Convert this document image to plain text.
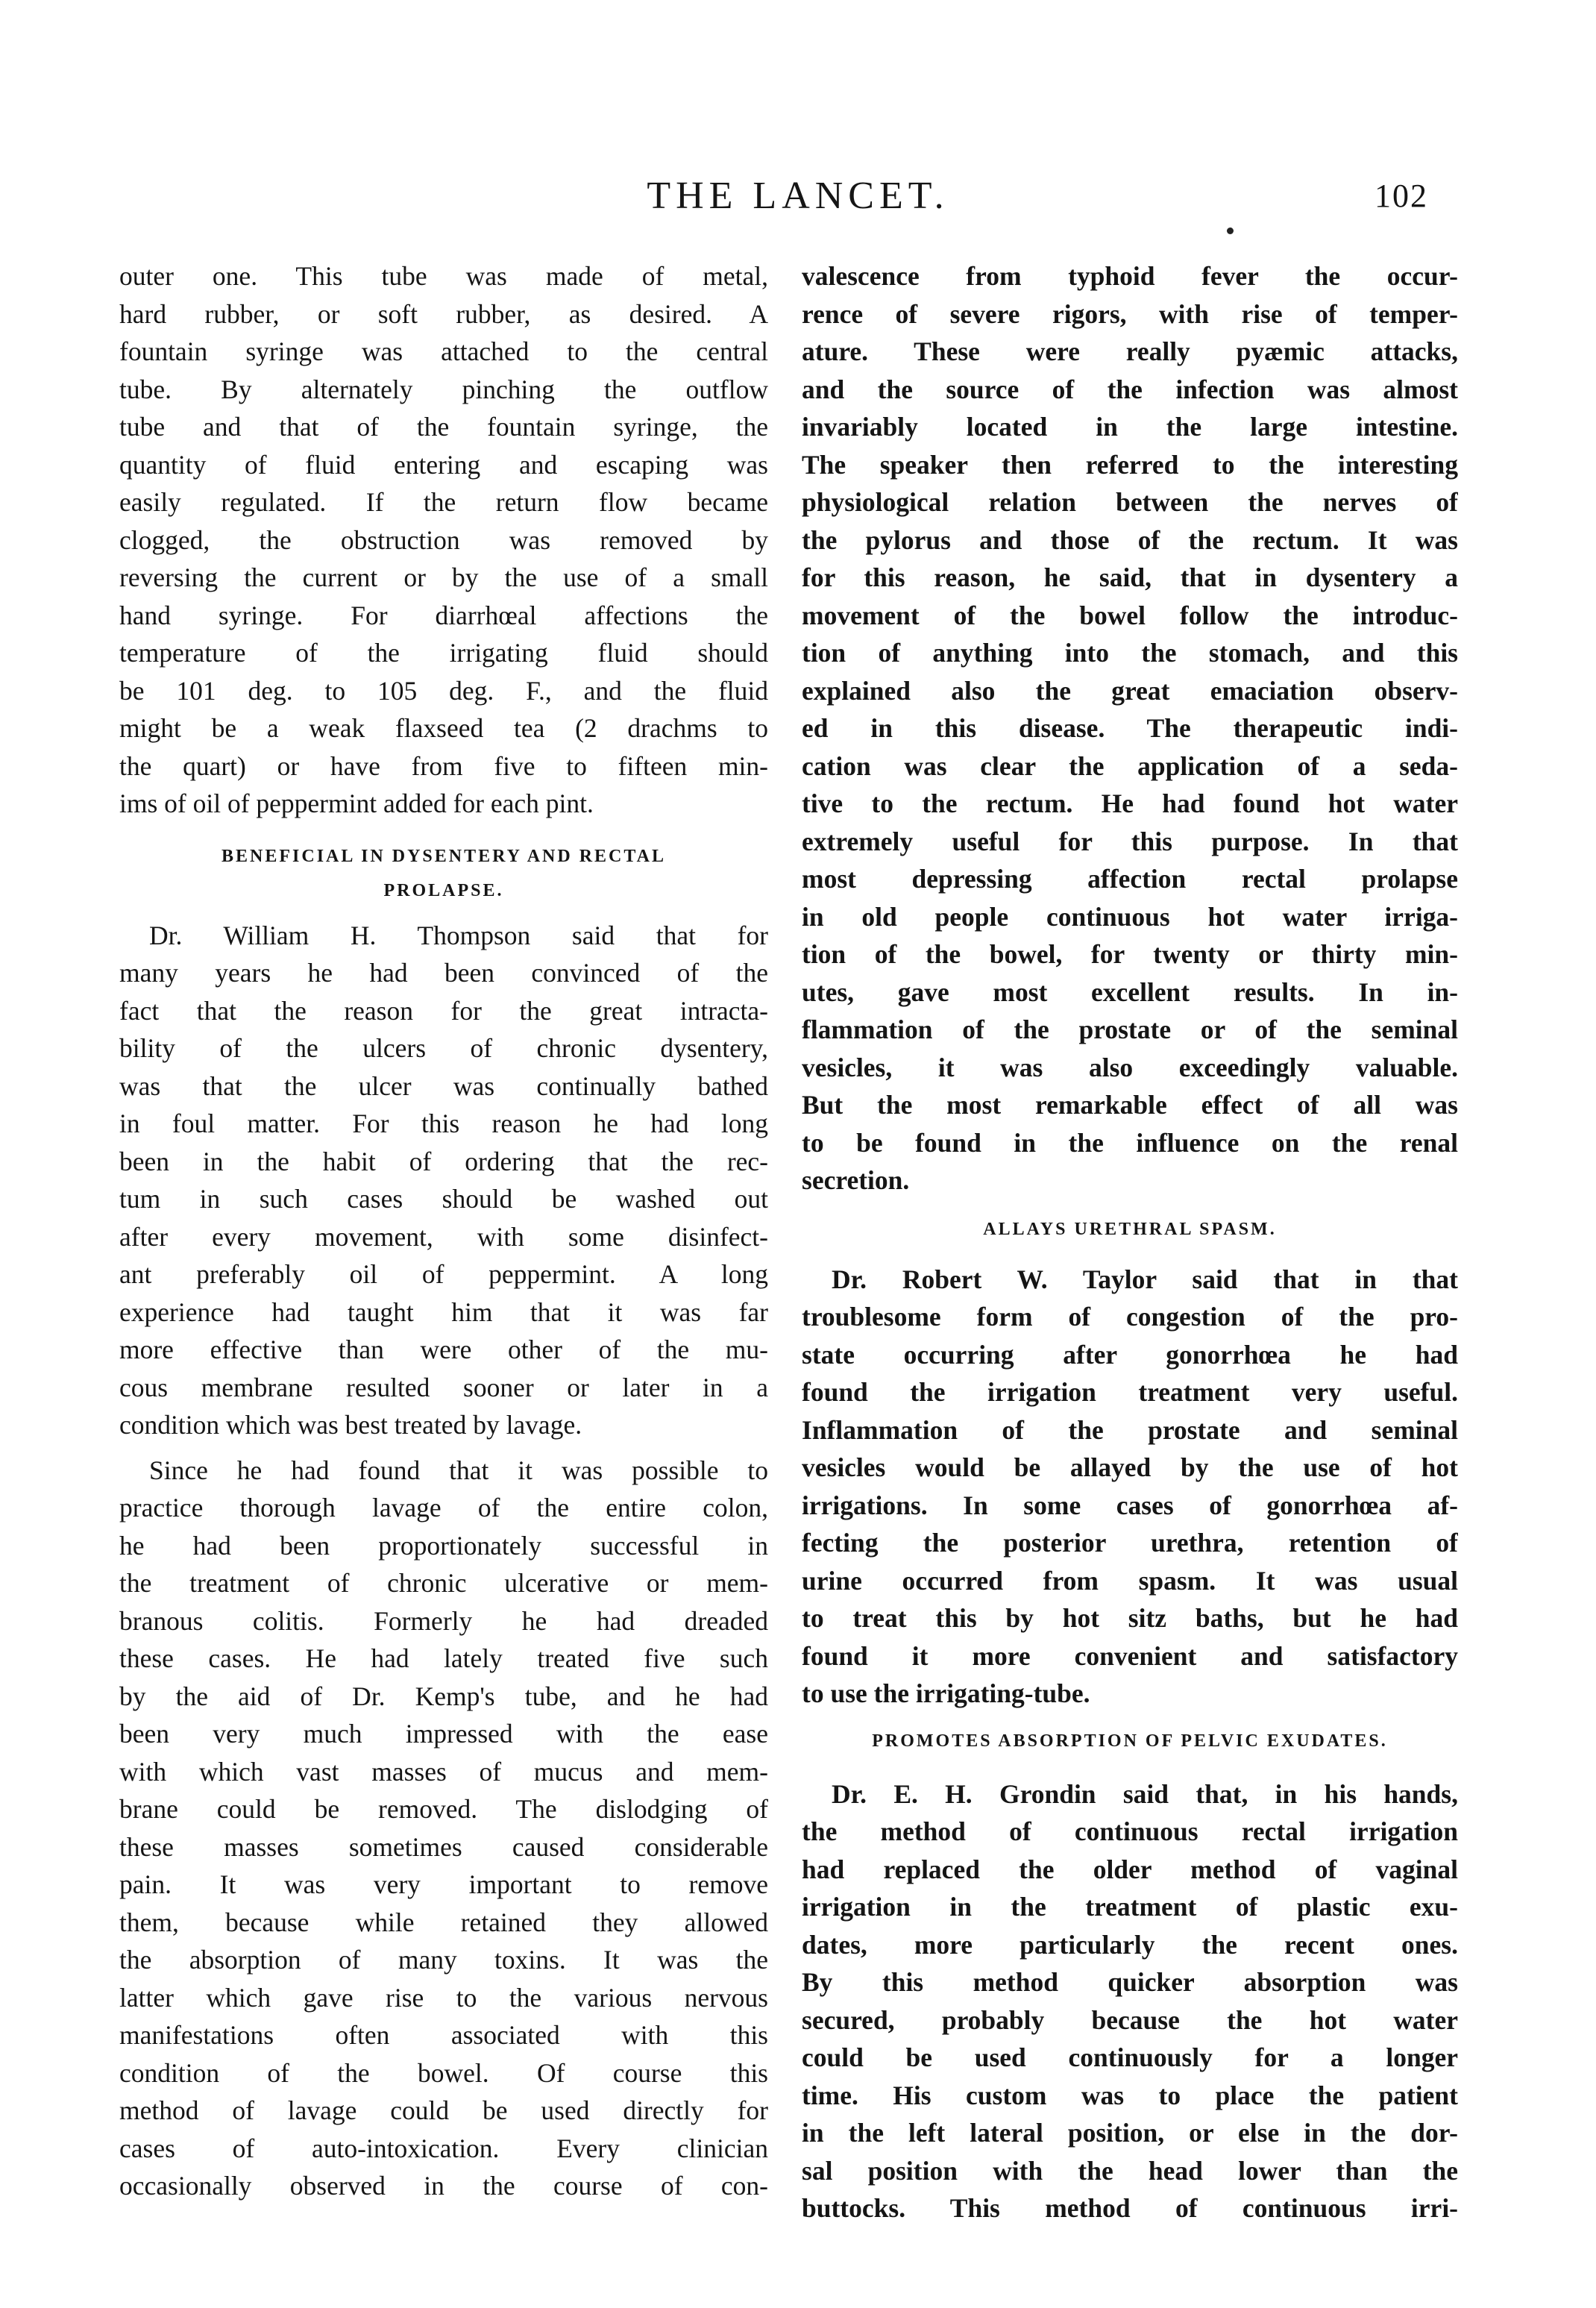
THE LANCET.	102
outer one. This tube was made of metal,
hard rubber, or soft rubber, as desired. A
fountain syringe was attached to the central
tube. By alternately pinching the outflow
tube and that of the fountain syringe, the
quantity of fluid entering and escaping was
easily regulated. If the return flow became
clogged, the obstruction was removed by
reversing the current or by the use of a small
hand syringe. For diarrhœal affections the
temperature of the irrigating fluid should
be 101 deg. to 105 deg. F., and the fluid
might be a weak flaxseed tea (2 drachms to
the quart) or have from five to fifteen min-
ims of oil of peppermint added for each pint.
BENEFICIAL IN DYSENTERY AND RECTAL
PROLAPSE.
Dr. William H. Thompson said that for
many years he had been convinced of the
fact that the reason for the great intracta-
bility of the ulcers of chronic dysentery,
was that the ulcer was continually bathed
in foul matter. For this reason he had long
been in the habit of ordering that the rec-
tum in such cases should be washed out
after every movement, with some disinfect-
ant preferably oil of peppermint. A long
experience had taught him that it was far
more effective than were other of the mu-
cous membrane resulted sooner or later in a
condition which was best treated by lavage.
Since he had found that it was possible to
practice thorough lavage of the entire colon,
he had been proportionately successful in
the treatment of chronic ulcerative or mem-
branous colitis. Formerly he had dreaded
these cases. He had lately treated five such
by the aid of Dr. Kemp's tube, and he had
been very much impressed with the ease
with which vast masses of mucus and mem-
brane could be removed. The dislodging of
these masses sometimes caused considerable
pain. It was very important to remove
them, because while retained they allowed
the absorption of many toxins. It was the
latter which gave rise to the various nervous
manifestations often associated with this
condition of the bowel. Of course this
method of lavage could be used directly for
cases of auto-intoxication. Every clinician
occasionally observed in the course of con-
valescence from typhoid fever the occur-
rence of severe rigors, with rise of temper-
ature. These were really pyæmic attacks,
and the source of the infection was almost
invariably located in the large intestine.
The speaker then referred to the interesting
physiological relation between the nerves of
the pylorus and those of the rectum. It was
for this reason, he said, that in dysentery a
movement of the bowel follow the introduc-
tion of anything into the stomach, and this
explained also the great emaciation observ-
ed in this disease. The therapeutic indi-
cation was clear the application of a seda-
tive to the rectum. He had found hot water
extremely useful for this purpose. In that
most depressing affection rectal prolapse
in old people continuous hot water irriga-
tion of the bowel, for twenty or thirty min-
utes, gave most excellent results. In in-
flammation of the prostate or of the seminal
vesicles, it was also exceedingly valuable.
But the most remarkable effect of all was
to be found in the influence on the renal
secretion.
ALLAYS URETHRAL SPASM.
Dr. Robert W. Taylor said that in that
troublesome form of congestion of the pro-
state occurring after gonorrhœa he had
found the irrigation treatment very useful.
Inflammation of the prostate and seminal
vesicles would be allayed by the use of hot
irrigations. In some cases of gonorrhœa af-
fecting the posterior urethra, retention of
urine occurred from spasm. It was usual
to treat this by hot sitz baths, but he had
found it more convenient and satisfactory
to use the irrigating-tube.
PROMOTES ABSORPTION OF PELVIC EXUDATES.
Dr. E. H. Grondin said that, in his hands,
the method of continuous rectal irrigation
had replaced the older method of vaginal
irrigation in the treatment of plastic exu-
dates, more particularly the recent ones.
By this method quicker absorption was
secured, probably because the hot water
could be used continuously for a longer
time. His custom was to place the patient
in the left lateral position, or else in the dor-
sal position with the head lower than the
buttocks. This method of continuous irri-
